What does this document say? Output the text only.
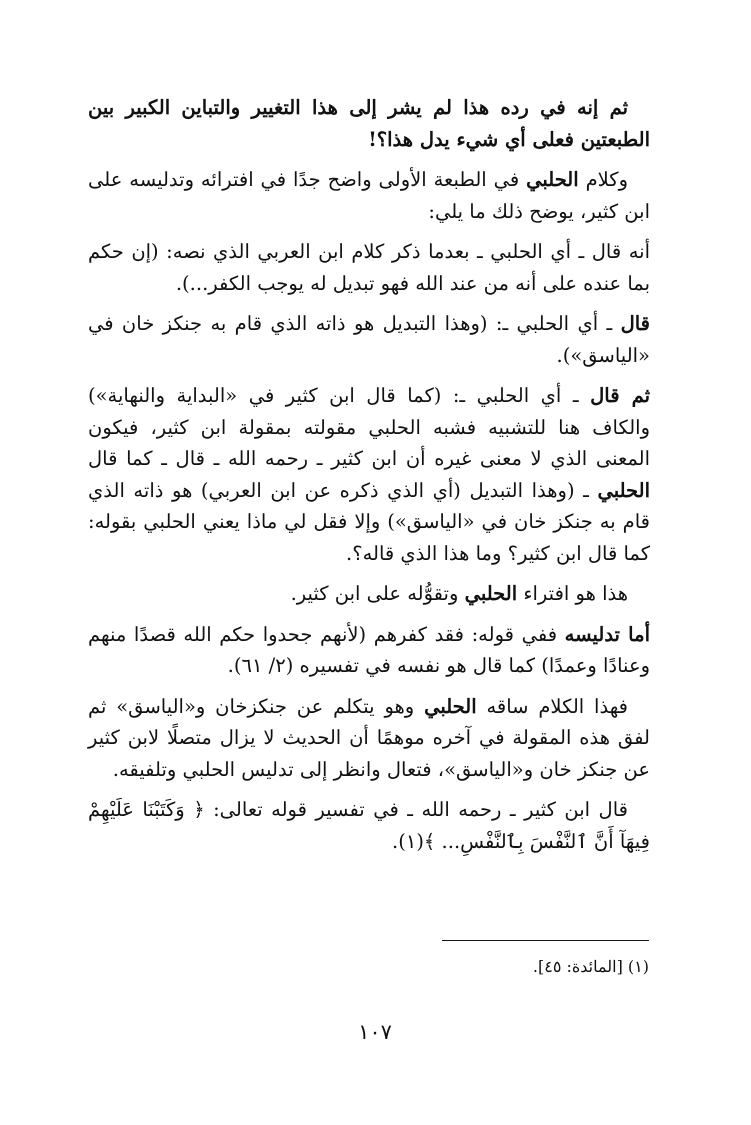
ثم إنه في رده هذا لم يشر إلى هذا التغيير والتباين الكبير بين الطبعتين فعلى أي شيء يدل هذا؟!

وكلام الحلبي في الطبعة الأولى واضح جدًا في افترائه وتدليسه على ابن كثير، يوضح ذلك ما يلي:

أنه قال ـ أي الحلبي ـ بعدما ذكر كلام ابن العربي الذي نصه: (إن حكم بما عنده على أنه من عند الله فهو تبديل له يوجب الكفر...).

قال ـ أي الحلبي ـ: (وهذا التبديل هو ذاته الذي قام به جنكز خان في «الياسق»).

ثم قال ـ أي الحلبي ـ: (كما قال ابن كثير في «البداية والنهاية») والكاف هنا للتشبيه فشبه الحلبي مقولته بمقولة ابن كثير، فيكون المعنى الذي لا معنى غيره أن ابن كثير ـ رحمه الله ـ قال ـ كما قال الحلبي ـ (وهذا التبديل (أي الذي ذكره عن ابن العربي) هو ذاته الذي قام به جنكز خان في «الياسق») وإلا فقل لي ماذا يعني الحلبي بقوله: كما قال ابن كثير؟ وما هذا الذي قاله؟.

هذا هو افتراء الحلبي وتقوُّله على ابن كثير.

أما تدليسه ففي قوله: فقد كفرهم (لأنهم جحدوا حكم الله قصدًا منهم وعنادًا وعمدًا) كما قال هو نفسه في تفسيره (٢/ ٦١).

فهذا الكلام ساقه الحلبي وهو يتكلم عن جنكزخان و«الياسق» ثم لفق هذه المقولة في آخره موهمًا أن الحديث لا يزال متصلًا لابن كثير عن جنكز خان و«الياسق»، فتعال وانظر إلى تدليس الحلبي وتلفيقه.

قال ابن كثير ـ رحمه الله ـ في تفسير قوله تعالى: ﴿ وَكَتَبْنَا عَلَيْهِمْ فِيهَآ أَنَّ ٱلنَّفْسَ بِٱلنَّفْسِ... ﴾(١).

(١) [المائدة: ٤٥].
١٠٧
